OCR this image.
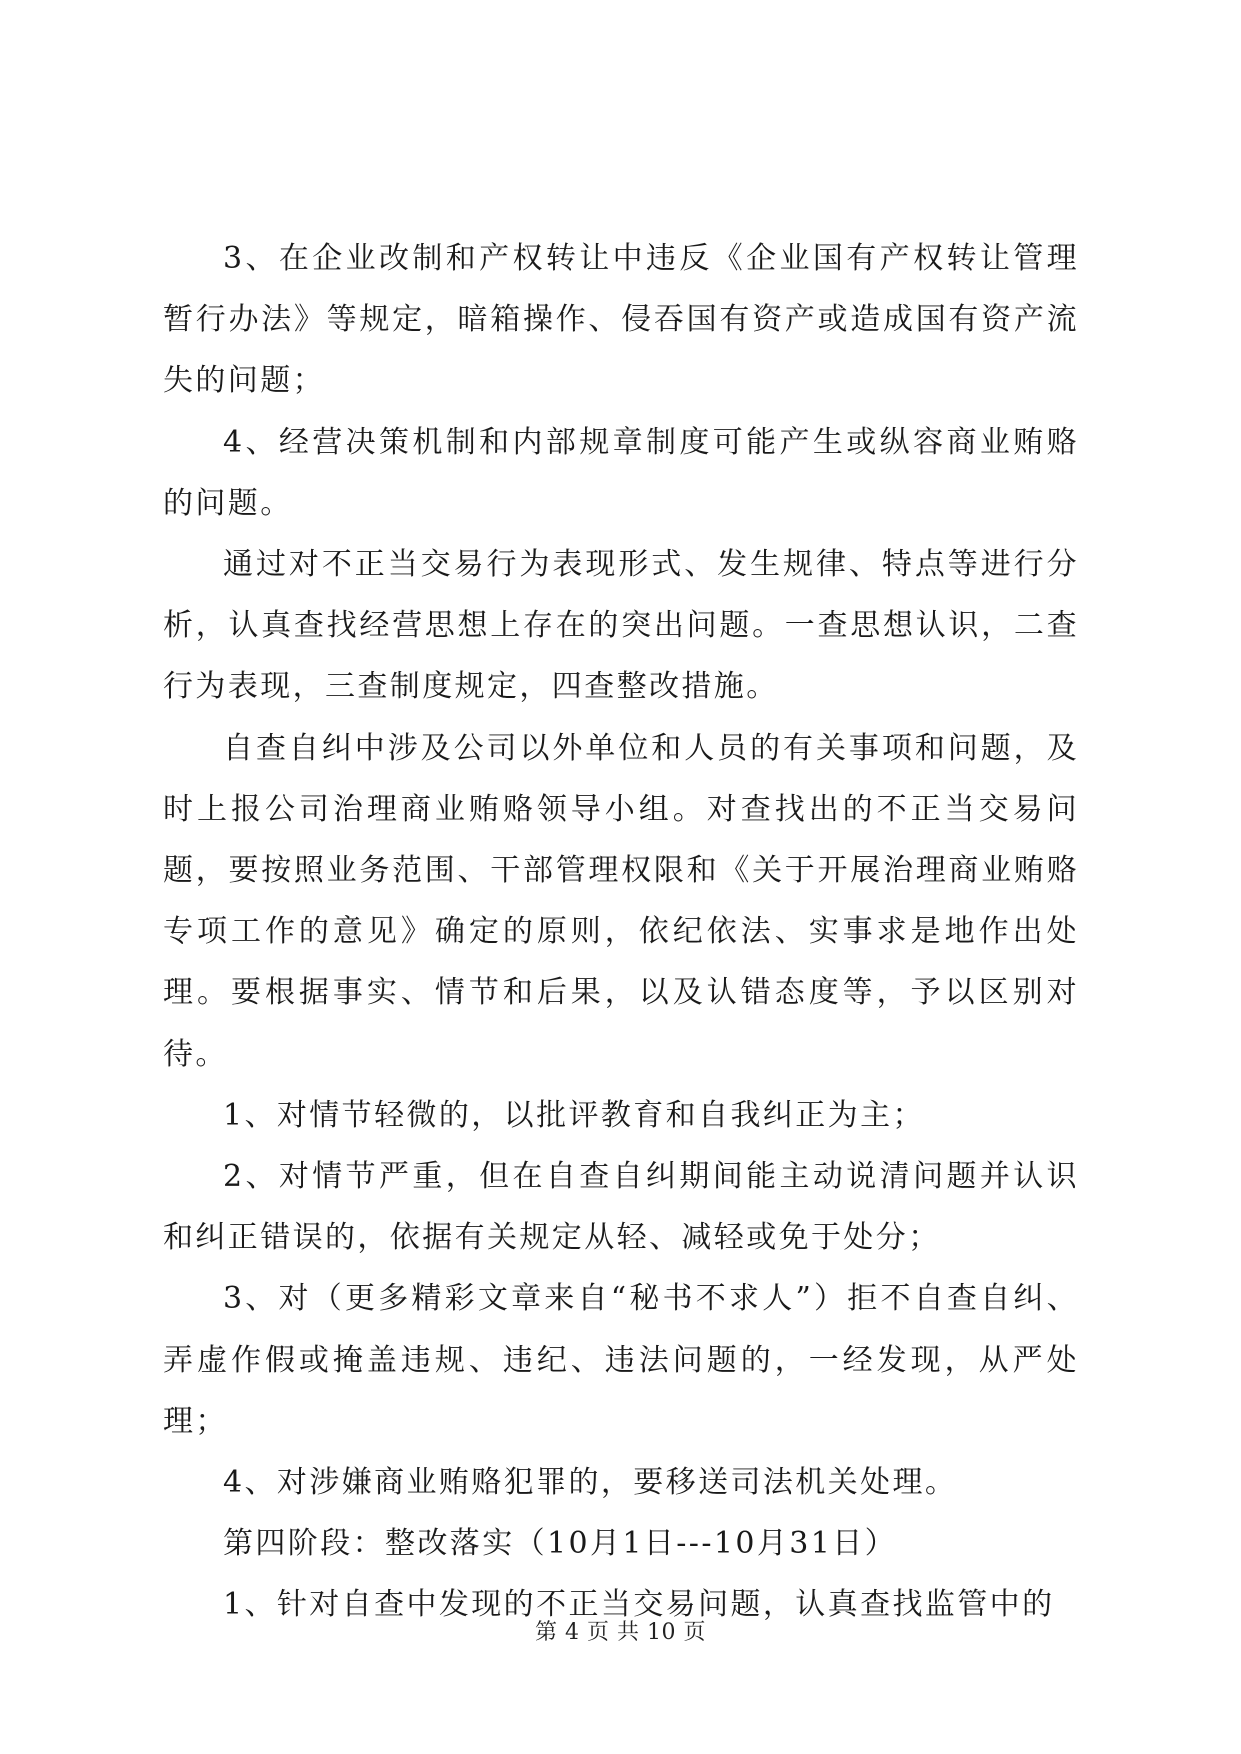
3、在企业改制和产权转让中违反《企业国有产权转让管理暂行办法》等规定，暗箱操作、侵吞国有资产或造成国有资产流失的问题；

4、经营决策机制和内部规章制度可能产生或纵容商业贿赂的问题。

通过对不正当交易行为表现形式、发生规律、特点等进行分析，认真查找经营思想上存在的突出问题。一查思想认识，二查行为表现，三查制度规定，四查整改措施。

自查自纠中涉及公司以外单位和人员的有关事项和问题，及时上报公司治理商业贿赂领导小组。对查找出的不正当交易问题，要按照业务范围、干部管理权限和《关于开展治理商业贿赂专项工作的意见》确定的原则，依纪依法、实事求是地作出处理。要根据事实、情节和后果，以及认错态度等，予以区别对待。

1、对情节轻微的，以批评教育和自我纠正为主；

2、对情节严重，但在自查自纠期间能主动说清问题并认识和纠正错误的，依据有关规定从轻、减轻或免于处分；

3、对（更多精彩文章来自“秘书不求人”）拒不自查自纠、弄虚作假或掩盖违规、违纪、违法问题的，一经发现，从严处理；

4、对涉嫌商业贿赂犯罪的，要移送司法机关处理。

第四阶段：整改落实（10月1日---10月31日）

1、针对自查中发现的不正当交易问题，认真查找监管中的

第 4 页 共 10 页
